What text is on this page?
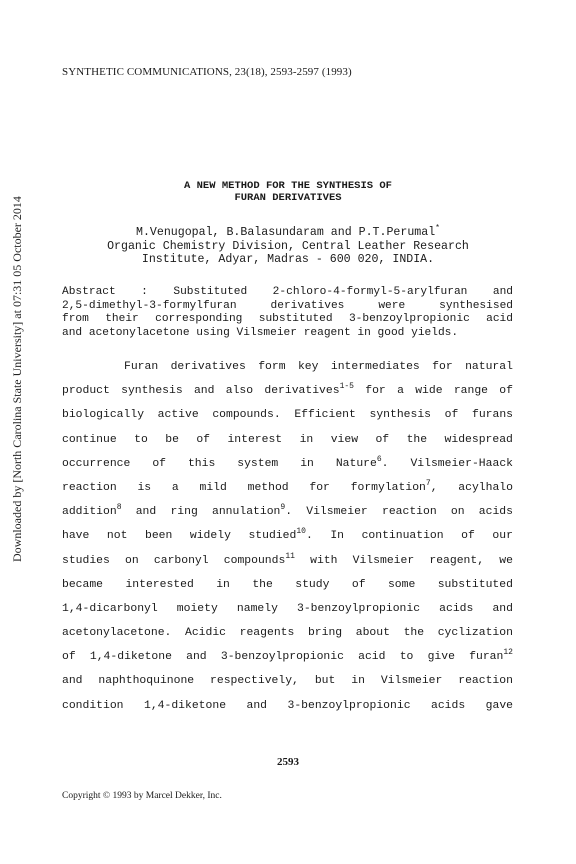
SYNTHETIC COMMUNICATIONS, 23(18), 2593-2597 (1993)
Downloaded by [North Carolina State University] at 07:31 05 October 2014
A NEW METHOD FOR THE SYNTHESIS OF
FURAN DERIVATIVES
M.Venugopal, B.Balasundaram and P.T.Perumal*
Organic Chemistry Division, Central Leather Research
Institute, Adyar, Madras - 600 020, INDIA.
Abstract : Substituted 2-chloro-4-formyl-5-arylfuran and
2,5-dimethyl-3-formylfuran derivatives were synthesised
from their corresponding substituted 3-benzoylpropionic acid
and acetonylacetone using Vilsmeier reagent in good yields.
Furan derivatives form key intermediates for natural
product synthesis and also derivatives$^{1-5}$ for a wide range of
biologically active compounds. Efficient synthesis of furans
continue to be of interest in view of the widespread
occurrence of this system in Nature$^6$. Vilsmeier-Haack
reaction is a mild method for formylation$^7$, acylhalo
addition$^8$ and ring annulation$^9$. Vilsmeier reaction on acids
have not been widely studied$^{10}$. In continuation of our
studies on carbonyl compounds$^{11}$ with Vilsmeier reagent, we
became interested in the study of some substituted
1,4-dicarbonyl moiety namely 3-benzoylpropionic acids and
acetonylacetone. Acidic reagents bring about the cyclization
of 1,4-diketone and 3-benzoylpropionic acid to give furan$^{12}$
and naphthoquinone respectively, but in Vilsmeier reaction
condition 1,4-diketone and 3-benzoylpropionic acids gave
2593
Copyright © 1993 by Marcel Dekker, Inc.
